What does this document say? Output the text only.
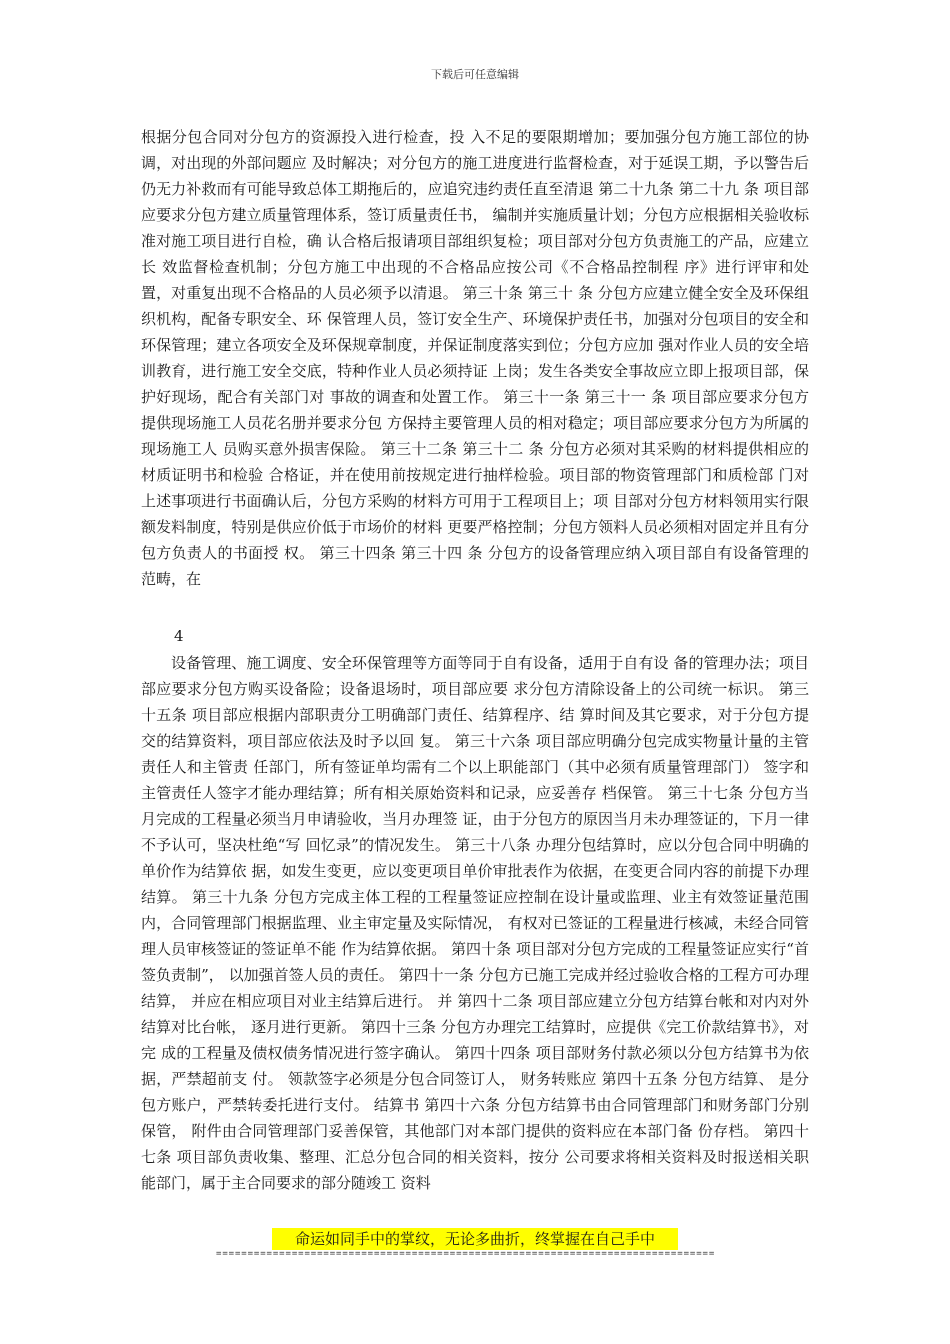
下载后可任意编辑

根据分包合同对分包方的资源投入进行检查，投 入不足的要限期增加；要加强分包方施工部位的协调，对出现的外部问题应 及时解决；对分包方的施工进度进行监督检查，对于延误工期，予以警告后 仍无力补救而有可能导致总体工期拖后的，应追究违约责任直至清退 第二十九条 第二十九 条 项目部应要求分包方建立质量管理体系，签订质量责任书， 编制并实施质量计划；分包方应根据相关验收标准对施工项目进行自检，确 认合格后报请项目部组织复检；项目部对分包方负责施工的产品，应建立长 效监督检查机制；分包方施工中出现的不合格品应按公司《不合格品控制程 序》进行评审和处置，对重复出现不合格品的人员必须予以清退。 第三十条 第三十 条 分包方应建立健全安全及环保组织机构，配备专职安全、环 保管理人员，签订安全生产、环境保护责任书，加强对分包项目的安全和环保管理；建立各项安全及环保规章制度，并保证制度落实到位；分包方应加 强对作业人员的安全培训教育，进行施工安全交底，特种作业人员必须持证 上岗；发生各类安全事故应立即上报项目部，保护好现场，配合有关部门对 事故的调查和处置工作。 第三十一条 第三十一 条 项目部应要求分包方提供现场施工人员花名册并要求分包 方保持主要管理人员的相对稳定；项目部应要求分包方为所属的现场施工人 员购买意外损害保险。 第三十二条 第三十二 条 分包方必须对其采购的材料提供相应的材质证明书和检验 合格证，并在使用前按规定进行抽样检验。项目部的物资管理部门和质检部 门对上述事项进行书面确认后，分包方采购的材料方可用于工程项目上；项 目部对分包方材料领用实行限额发料制度，特别是供应价低于市场价的材料 更要严格控制；分包方领料人员必须相对固定并且有分包方负责人的书面授 权。 第三十四条 第三十四 条 分包方的设备管理应纳入项目部自有设备管理的范畴，在

4

设备管理、施工调度、安全环保管理等方面等同于自有设备，适用于自有设 备的管理办法；项目部应要求分包方购买设备险；设备退场时，项目部应要 求分包方清除设备上的公司统一标识。 第三十五条 项目部应根据内部职责分工明确部门责任、结算程序、结 算时间及其它要求，对于分包方提交的结算资料，项目部应依法及时予以回 复。 第三十六条 项目部应明确分包完成实物量计量的主管责任人和主管责 任部门，所有签证单均需有二个以上职能部门（其中必须有质量管理部门） 签字和主管责任人签字才能办理结算；所有相关原始资料和记录，应妥善存 档保管。 第三十七条 分包方当月完成的工程量必须当月申请验收，当月办理签 证，由于分包方的原因当月未办理签证的，下月一律不予认可，坚决杜绝“写 回忆录”的情况发生。 第三十八条 办理分包结算时，应以分包合同中明确的单价作为结算依 据，如发生变更，应以变更项目单价审批表作为依据，在变更合同内容的前提下办理结算。 第三十九条 分包方完成主体工程的工程量签证应控制在设计量或监理、业主有效签证量范围内，合同管理部门根据监理、业主审定量及实际情况， 有权对已签证的工程量进行核减，未经合同管理人员审核签证的签证单不能 作为结算依据。 第四十条 项目部对分包方完成的工程量签证应实行“首签负责制”， 以加强首签人员的责任。 第四十一条 分包方已施工完成并经过验收合格的工程方可办理结算， 并应在相应项目对业主结算后进行。 并 第四十二条 项目部应建立分包方结算台帐和对内对外结算对比台帐， 逐月进行更新。 第四十三条 分包方办理完工结算时，应提供《完工价款结算书》，对完 成的工程量及债权债务情况进行签字确认。 第四十四条 项目部财务付款必须以分包方结算书为依据，严禁超前支 付。 领款签字必须是分包合同签订人， 财务转账应 第四十五条 分包方结算、 是分包方账户，严禁转委托进行支付。 结算书 第四十六条 分包方结算书由合同管理部门和财务部门分别保管， 附件由合同管理部门妥善保管，其他部门对本部门提供的资料应在本部门备 份存档。 第四十七条 项目部负责收集、整理、汇总分包合同的相关资料，按分 公司要求将相关资料及时报送相关职能部门，属于主合同要求的部分随竣工 资料

命运如同手中的掌纹，无论多曲折，终掌握在自己手中
===============================================================================
